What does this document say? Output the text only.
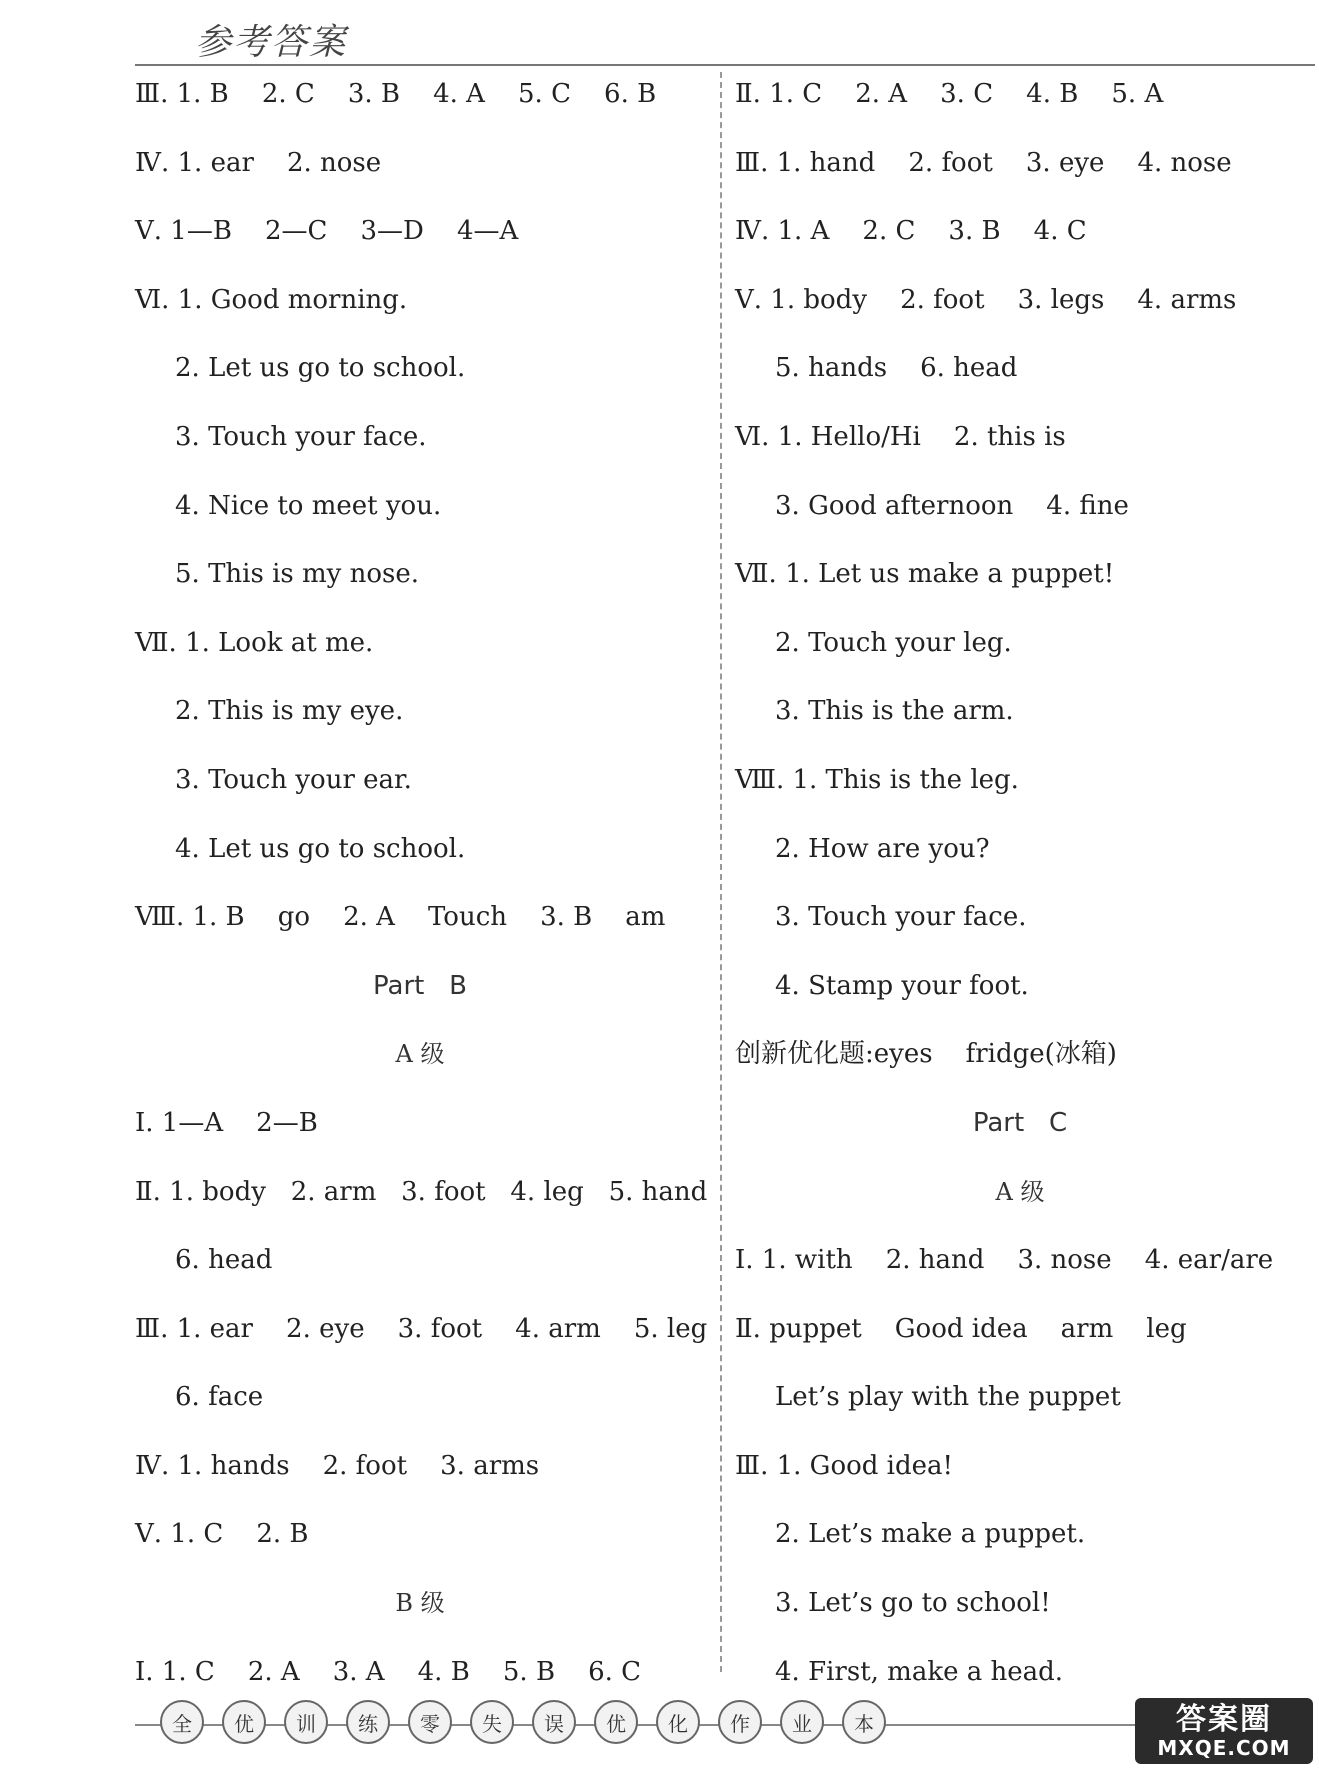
参考答案
Ⅲ. 1. B    2. C    3. B    4. A    5. C    6. B
Ⅳ. 1. ear    2. nose
Ⅴ. 1—B    2—C    3—D    4—A
Ⅵ. 1. Good morning.
2. Let us go to school.
3. Touch your face.
4. Nice to meet you.
5. This is my nose.
Ⅶ. 1. Look at me.
2. This is my eye.
3. Touch your ear.
4. Let us go to school.
Ⅷ. 1. B    go    2. A    Touch    3. B    am
Part   B
A 级
Ⅰ. 1—A    2—B
Ⅱ. 1. body   2. arm   3. foot   4. leg   5. hand
6. head
Ⅲ. 1. ear    2. eye    3. foot    4. arm    5. leg
6. face
Ⅳ. 1. hands    2. foot    3. arms
Ⅴ. 1. C    2. B
B 级
Ⅰ. 1. C    2. A    3. A    4. B    5. B    6. C
Ⅱ. 1. C    2. A    3. C    4. B    5. A
Ⅲ. 1. hand    2. foot    3. eye    4. nose
Ⅳ. 1. A    2. C    3. B    4. C
Ⅴ. 1. body    2. foot    3. legs    4. arms
5. hands    6. head
Ⅵ. 1. Hello/Hi    2. this is
3. Good afternoon    4. fine
Ⅶ. 1. Let us make a puppet!
2. Touch your leg.
3. This is the arm.
Ⅷ. 1. This is the leg.
2. How are you?
3. Touch your face.
4. Stamp your foot.
创新优化题:eyes    fridge(冰箱)
Part   C
A 级
Ⅰ. 1. with    2. hand    3. nose    4. ear/are
Ⅱ. puppet    Good idea    arm    leg
Let’s play with the puppet
Ⅲ. 1. Good idea!
2. Let’s make a puppet.
3. Let’s go to school!
4. First, make a head.
全	优	训	练	零	失	误	优	化	作	业	本	答案圈
MXQE.COM
